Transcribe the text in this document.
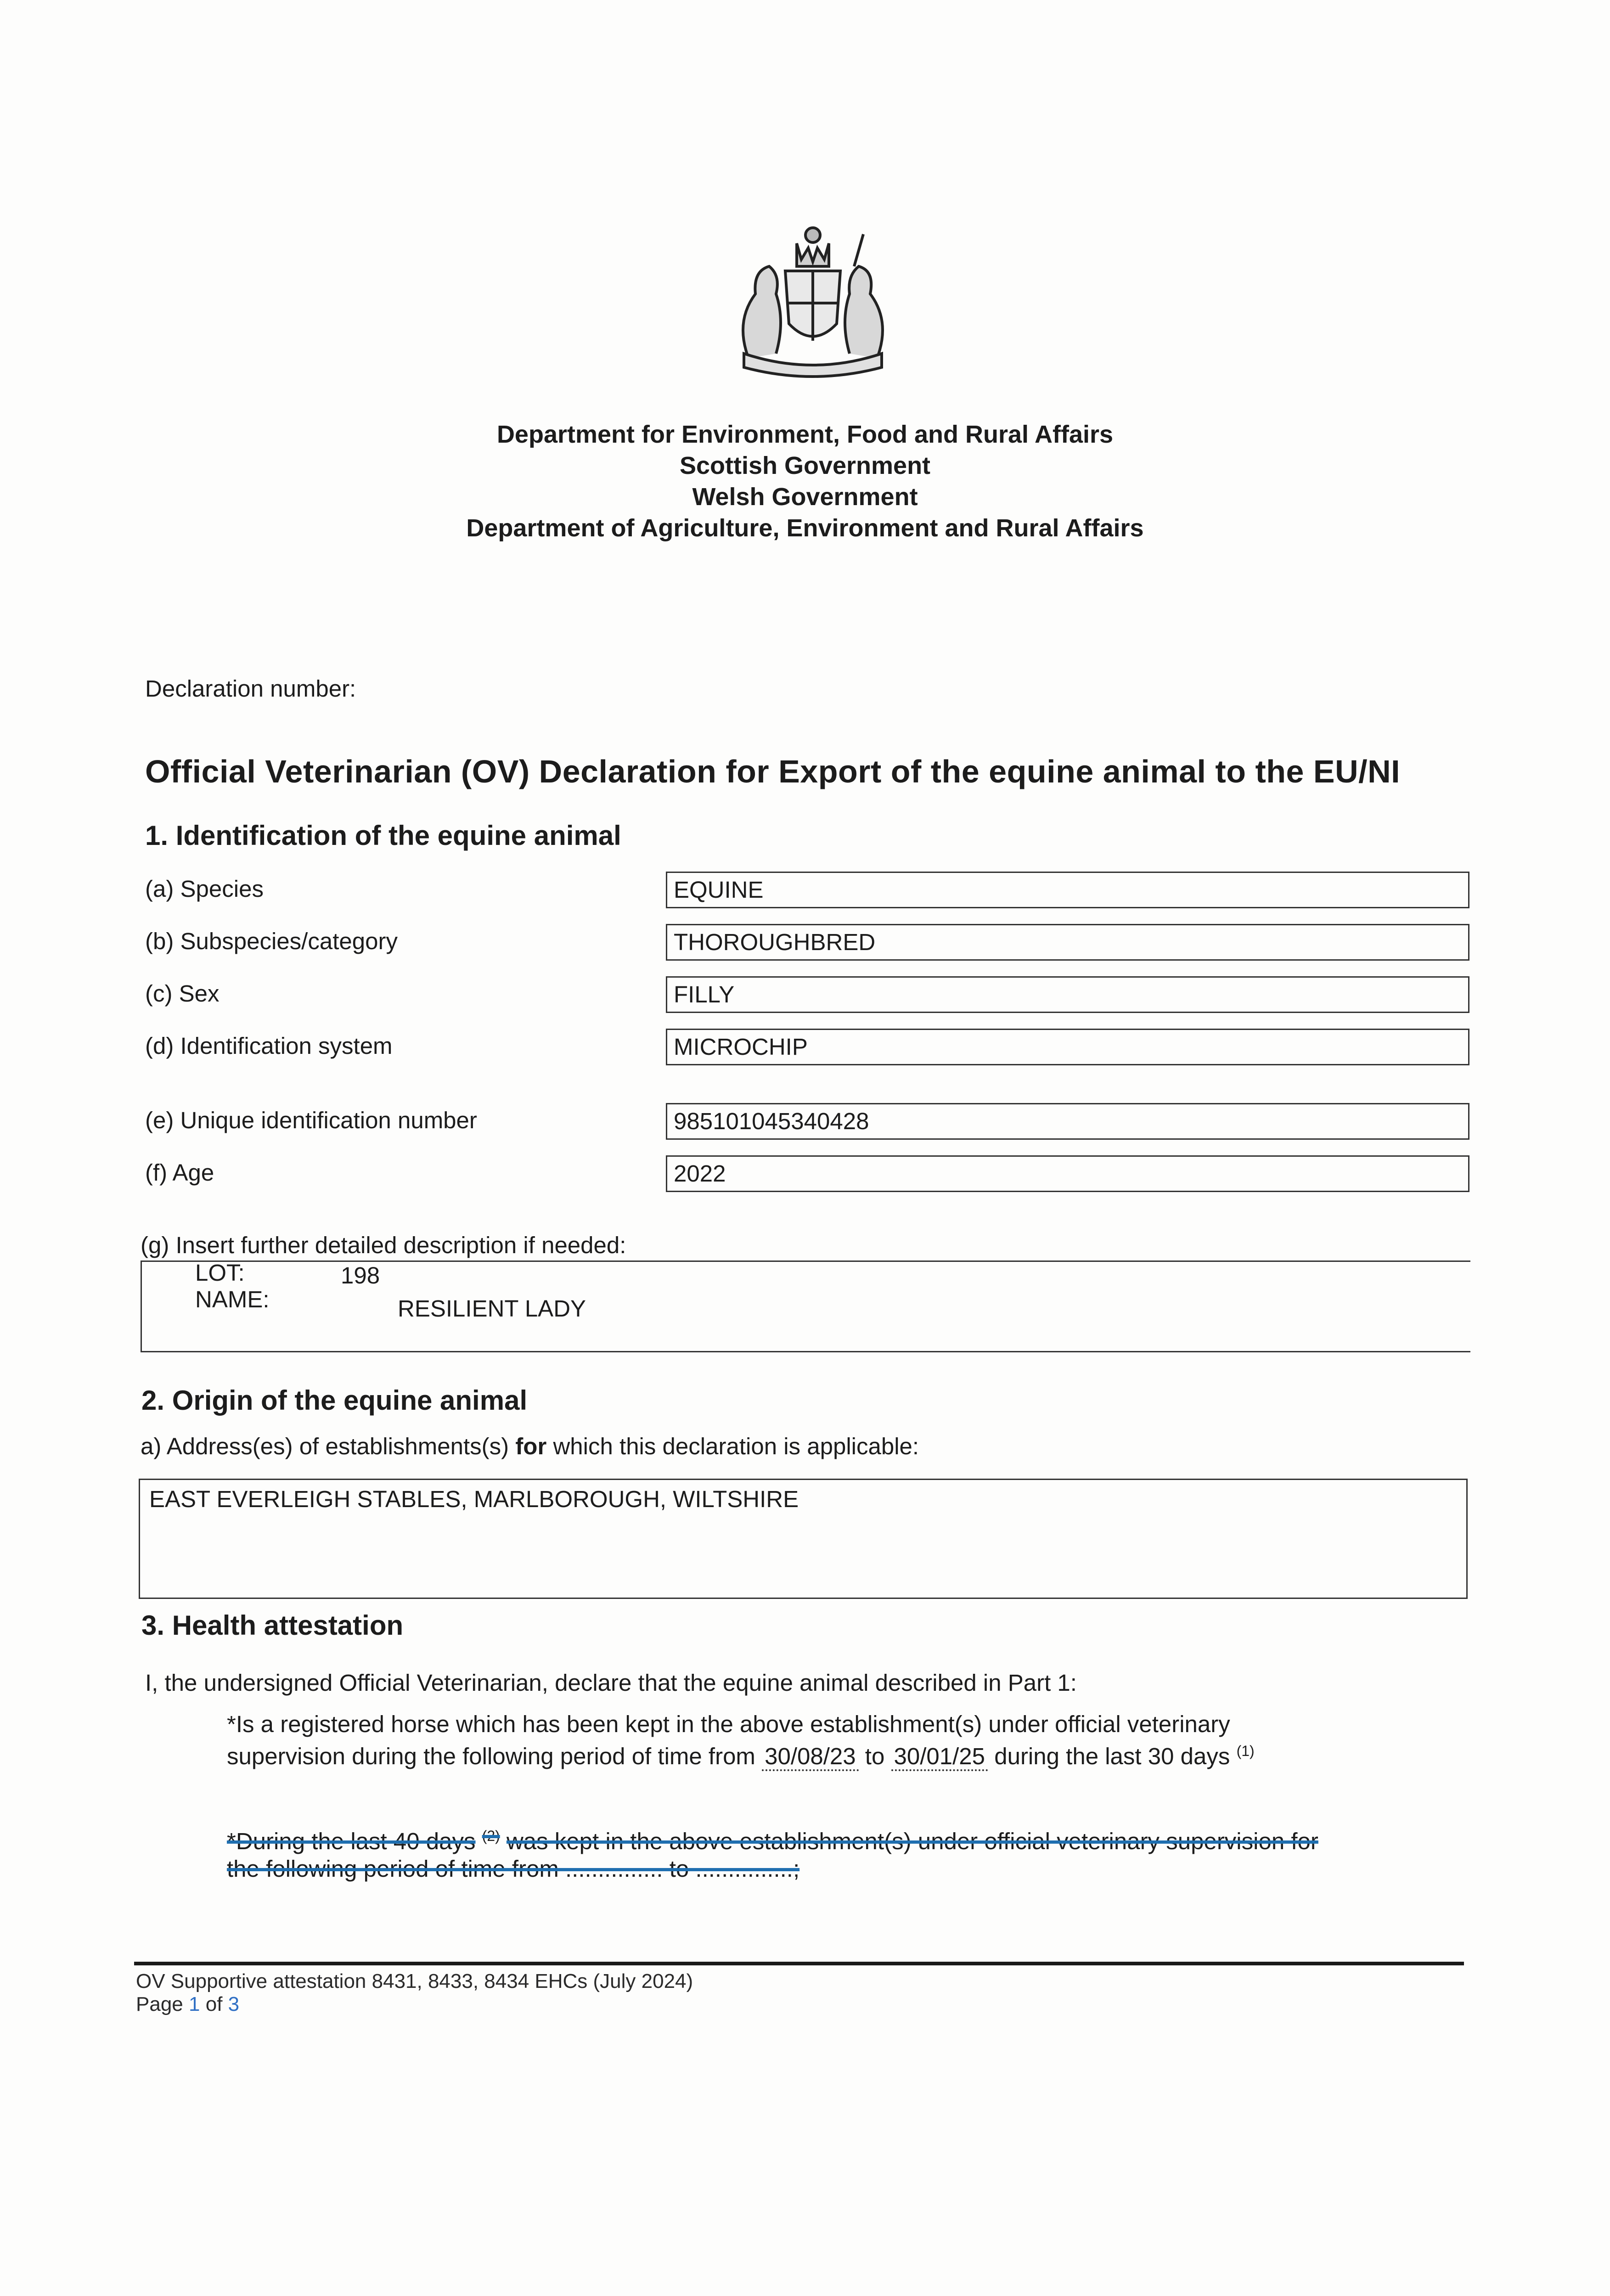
Department for Environment, Food and Rural Affairs
Scottish Government
Welsh Government
Department of Agriculture, Environment and Rural Affairs
Declaration number:
Official Veterinarian (OV) Declaration for Export of the equine animal to the EU/NI
1. Identification of the equine animal
(a) Species	EQUINE
(b) Subspecies/category	THOROUGHBRED
(c) Sex	FILLY
(d) Identification system	MICROCHIP
(e) Unique identification number	985101045340428
(f) Age	2022
(g) Insert further detailed description if needed:
LOT:	198
NAME:	RESILIENT LADY
2. Origin of the equine animal
a) Address(es) of establishments(s) for which this declaration is applicable:
EAST EVERLEIGH STABLES, MARLBOROUGH, WILTSHIRE
3. Health attestation
I, the undersigned Official Veterinarian, declare that the equine animal described in Part 1:
*Is a registered horse which has been kept in the above establishment(s) under official veterinary
supervision during the following period of time from 30/08/23 to 30/01/25 during the last 30 days $^{(1)}$
*During the last 40 days $^{(2)}$ was kept in the above establishment(s) under official veterinary supervision for
the following period of time from ............... to ...............;
OV Supportive attestation 8431, 8433, 8434 EHCs (July 2024)
Page 1 of 3
